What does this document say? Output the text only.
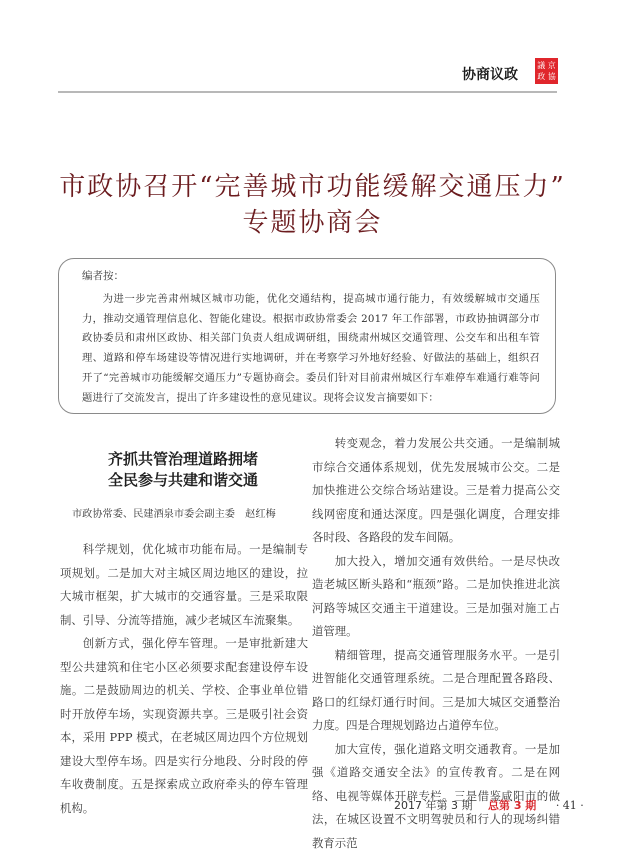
协商议政
議 京
政 協
市政协召开“完善城市功能缓解交通压力”
专题协商会
编者按：
为进一步完善肃州城区城市功能，优化交通结构，提高城市通行能力，有效缓解城市交通压力，推动交通管理信息化、智能化建设。根据市政协常委会 2017 年工作部署，市政协抽调部分市政协委员和肃州区政协、相关部门负责人组成调研组，围绕肃州城区交通管理、公交车和出租车管理、道路和停车场建设等情况进行实地调研，并在考察学习外地好经验、好做法的基础上，组织召开了“完善城市功能缓解交通压力”专题协商会。委员们针对目前肃州城区行车难停车难通行难等问题进行了交流发言，提出了许多建设性的意见建议。现将会议发言摘要如下：
齐抓共管治理道路拥堵
全民参与共建和谐交通
市政协常委、民建酒泉市委会副主委　赵红梅

科学规划，优化城市功能布局。一是编制专项规划。二是加大对主城区周边地区的建设，拉大城市框架，扩大城市的交通容量。三是采取限制、引导、分流等措施，减少老城区车流聚集。

创新方式，强化停车管理。一是审批新建大型公共建筑和住宅小区必须要求配套建设停车设施。二是鼓励周边的机关、学校、企事业单位错时开放停车场，实现资源共享。三是吸引社会资本，采用 PPP 模式，在老城区周边四个方位规划建设大型停车场。四是实行分地段、分时段的停车收费制度。五是探索成立政府牵头的停车管理机构。

转变观念，着力发展公共交通。一是编制城市综合交通体系规划，优先发展城市公交。二是加快推进公交综合场站建设。三是着力提高公交线网密度和通达深度。四是强化调度，合理安排各时段、各路段的发车间隔。

加大投入，增加交通有效供给。一是尽快改造老城区断头路和“瓶颈”路。二是加快推进北滨河路等城区交通主干道建设。三是加强对施工占道管理。

精细管理，提高交通管理服务水平。一是引进智能化交通管理系统。二是合理配置各路段、路口的红绿灯通行时间。三是加大城区交通整治力度。四是合理规划路边占道停车位。

加大宣传，强化道路文明交通教育。一是加强《道路交通安全法》的宣传教育。二是在网络、电视等媒体开辟专栏。三是借鉴咸阳市的做法，在城区设置不文明驾驶员和行人的现场纠错教育示范

2017 年第 3 期 总第 3 期 · 41 ·
